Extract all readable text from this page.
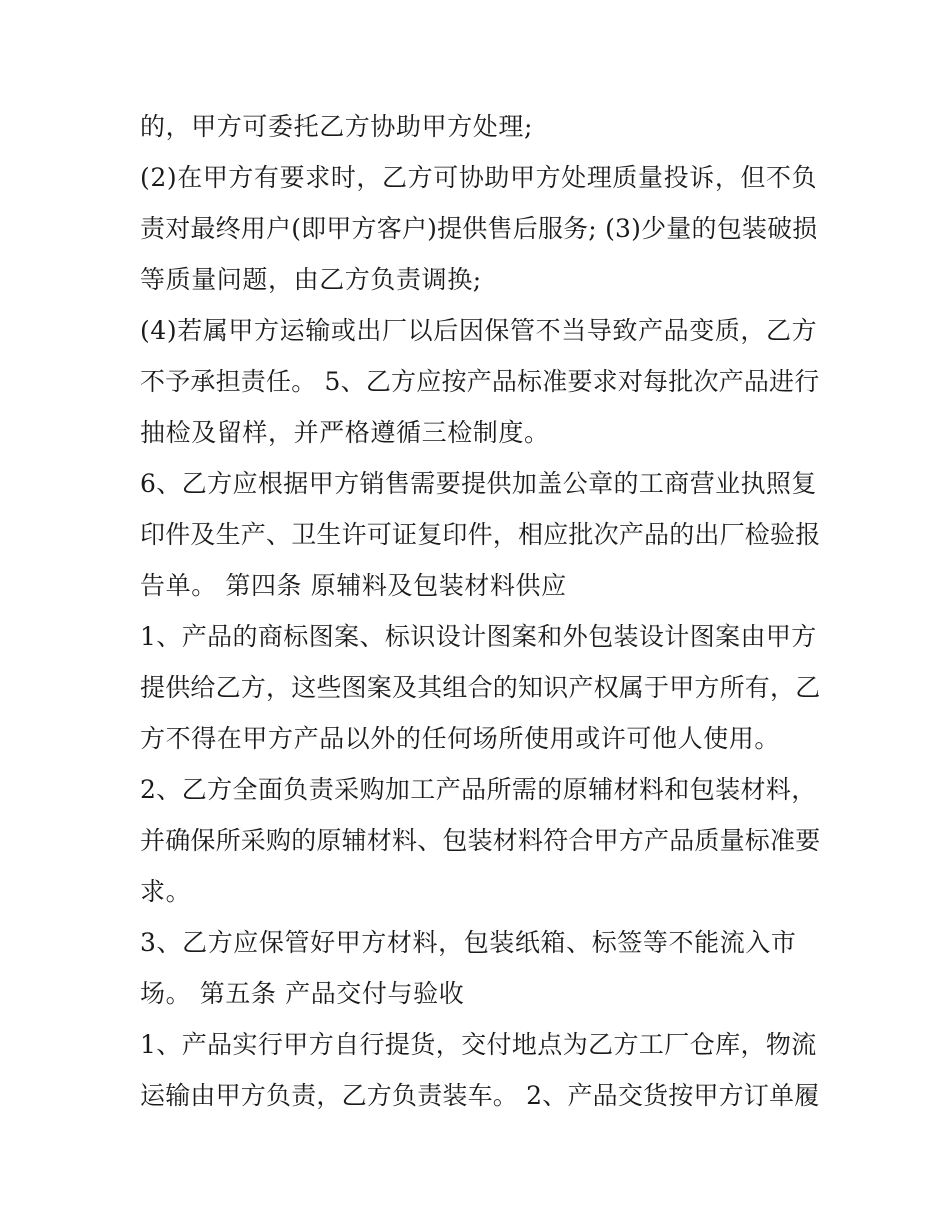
的，甲方可委托乙方协助甲方处理;
(2)在甲方有要求时，乙方可协助甲方处理质量投诉，但不负
责对最终用户(即甲方客户)提供售后服务; (3)少量的包装破损
等质量问题，由乙方负责调换;
(4)若属甲方运输或出厂以后因保管不当导致产品变质，乙方
不予承担责任。 5、乙方应按产品标准要求对每批次产品进行
抽检及留样，并严格遵循三检制度。
6、乙方应根据甲方销售需要提供加盖公章的工商营业执照复
印件及生产、卫生许可证复印件，相应批次产品的出厂检验报
告单。 第四条 原辅料及包装材料供应
1、产品的商标图案、标识设计图案和外包装设计图案由甲方
提供给乙方，这些图案及其组合的知识产权属于甲方所有，乙
方不得在甲方产品以外的任何场所使用或许可他人使用。
2、乙方全面负责采购加工产品所需的原辅材料和包装材料，
并确保所采购的原辅材料、包装材料符合甲方产品质量标准要
求。
3、乙方应保管好甲方材料，包装纸箱、标签等不能流入市
场。 第五条 产品交付与验收
1、产品实行甲方自行提货，交付地点为乙方工厂仓库，物流
运输由甲方负责，乙方负责装车。 2、产品交货按甲方订单履
